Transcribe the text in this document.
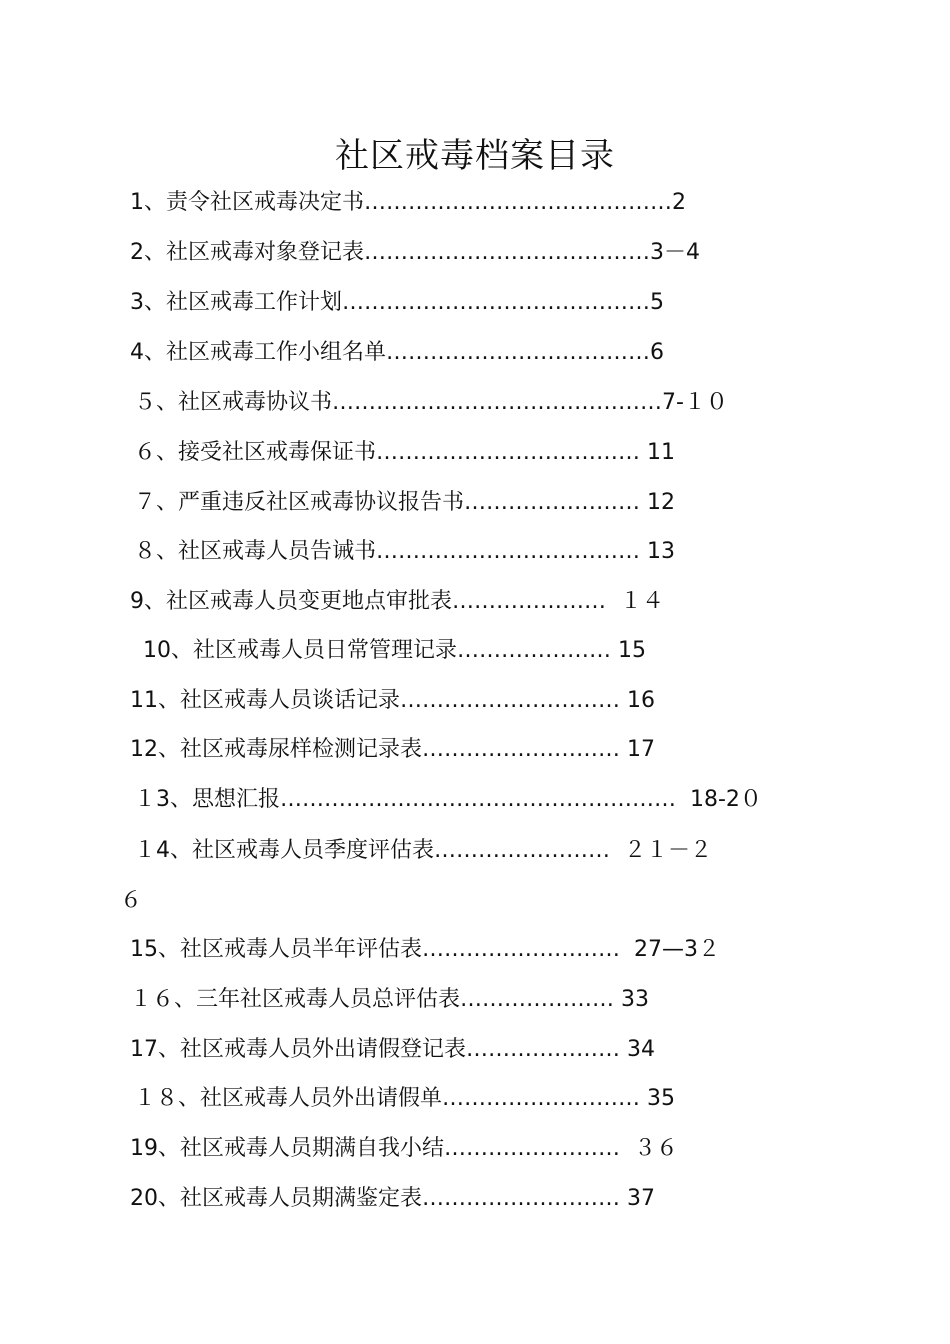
社区戒毒档案目录
1、责令社区戒毒决定书……………………………………2
2、社区戒毒对象登记表…………………………………3－4
3、社区戒毒工作计划……………………………………5
4、社区戒毒工作小组名单………………………………6
５、社区戒毒协议书………………………………………7-１０
６、接受社区戒毒保证书……………………………… 11
７、严重违反社区戒毒协议报告书…………………… 12
８、社区戒毒人员告诫书……………………………… 13
9、社区戒毒人员变更地点审批表…………………  １４
10、社区戒毒人员日常管理记录………………… 15
11、社区戒毒人员谈话记录………………………… 16
12、社区戒毒尿样检测记录表……………………… 17
１3、思想汇报………………………………………………  18-2０
１4、社区戒毒人员季度评估表……………………  ２１－２
６
15、社区戒毒人员半年评估表………………………  27—3２
１６、三年社区戒毒人员总评估表………………… 33
17、社区戒毒人员外出请假登记表………………… 34
１８、社区戒毒人员外出请假单……………………… 35
19、社区戒毒人员期满自我小结……………………  ３６
20、社区戒毒人员期满鉴定表……………………… 37
